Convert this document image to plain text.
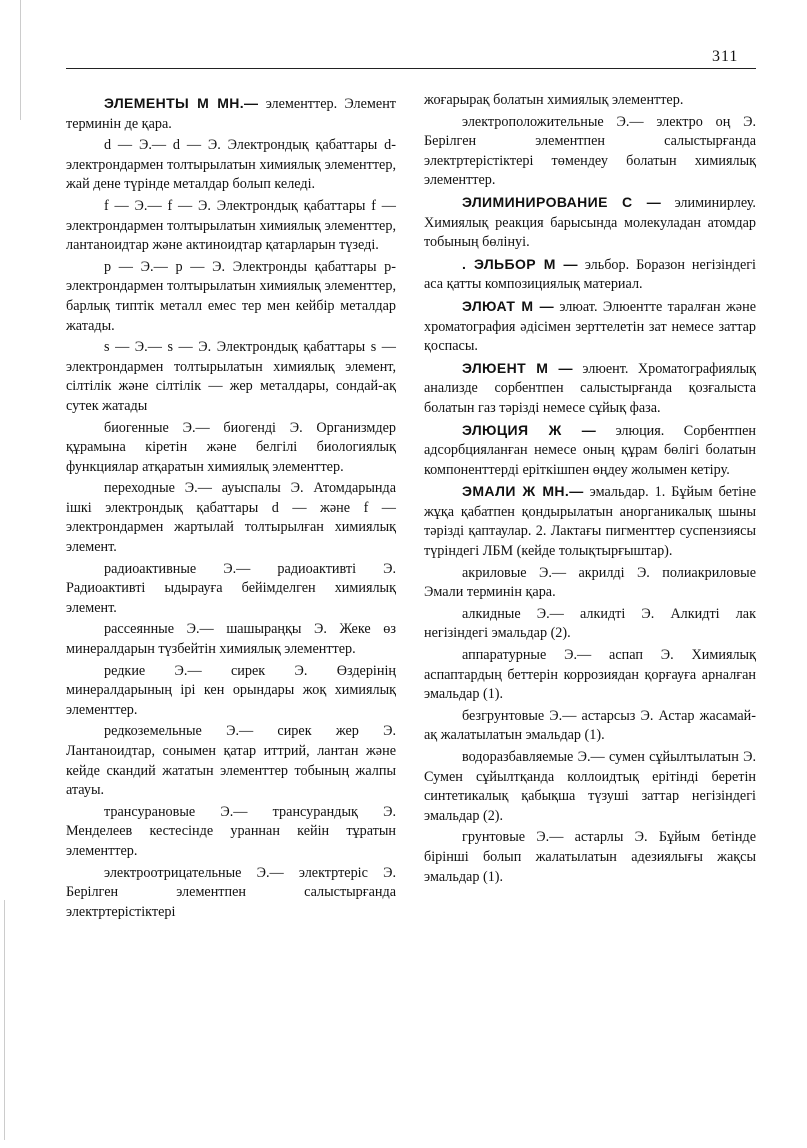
311

ЭЛЕМЕНТЫ М МН.— элементтер. Элемент терминін де қара.

d — Э.— d — Э. Электрондық қабаттары d-электрондармен толтырылатын химиялық элементтер, жай дене түрінде металдар болып келеді.

f — Э.— f — Э. Электрондық қабаттары f — электрондармен толтырылатын химиялық элементтер, лантаноидтар және актиноидтар қатарларын түзеді.

p — Э.— p — Э. Электронды қабаттары р-электрондармен толтырылатын химиялық элементтер, барлық типтік металл емес тер мен кейбір металдар жатады.

s — Э.— s — Э. Электрондық қабаттары s — электрондармен толтырылатын химиялық элемент, сілтілік және сілтілік — жер металдары, сондай-ақ сутек жатады

биогенные Э.— биогенді Э. Организмдер құрамына кіретін және белгілі биологиялық функциялар атқаратын химиялық элементтер.

переходные Э.— ауыспалы Э. Атомдарында ішкі электрондық қабаттары d — және f — электрондармен жартылай толтырылған химиялық элемент.

радиоактивные Э.— радиоактивті Э. Радиоактивті ыдырауға бейімделген химиялық элемент.

рассеянные Э.— шашыраңқы Э. Жеке өз минералдарын түзбейтін химиялық элементтер.

редкие Э.— сирек Э. Өздерінің минералдарының ірі кен орындары жоқ химиялық элементтер.

редкоземельные Э.— сирек жер Э. Лантаноидтар, сонымен қатар иттрий, лантан және кейде скандий жататын элементтер тобының жалпы атауы.

трансурановые Э.— трансурандық Э. Менделеев кестесінде ураннан кейін тұратын элементтер.

электроотрицательные Э.— электртеріс Э. Берілген элементпен салыстырғанда электртерістіктері

жоғарырақ болатын химиялық элементтер.

электроположительные Э.— электро оң Э. Берілген элементпен салыстырғанда электртерістіктері төмендеу болатын химиялық элементтер.

ЭЛИМИНИРОВАНИЕ С — элиминирлеу. Химиялық реакция барысында молекуладан атомдар тобының бөлінуі.

. ЭЛЬБОР М — эльбор. Боразон негізіндегі аса қатты композициялық материал.

ЭЛЮАТ М — элюат. Элюентте таралған және хроматография әдісімен зерттелетін зат немесе заттар қоспасы.

ЭЛЮЕНТ М — элюент. Хроматографиялық анализде сорбентпен салыстырғанда қозғалыста болатын газ тәрізді немесе сұйық фаза.

ЭЛЮЦИЯ Ж — элюция. Сорбентпен адсорбцияланған немесе оның құрам бөлігі болатын компоненттерді еріткішпен өңдеу жолымен кетіру.

ЭМАЛИ Ж МН.— эмальдар. 1. Бұйым бетіне жұқа қабатпен қондырылатын анорганикалық шыны тәрізді қаптаулар. 2. Лактағы пигменттер суспензиясы түріндегі ЛБМ (кейде толықтырғыштар).

акриловые Э.— акрилді Э. полиакриловые Эмали терминін қара.

алкидные Э.— алкидті Э. Алкидті лак негізіндегі эмальдар (2).

аппаратурные Э.— аспап Э. Химиялық аспаптардың беттерін коррозиядан қорғауға арналған эмальдар (1).

безгрунтовые Э.— астарсыз Э. Астар жасамай-ақ жалатылатын эмальдар (1).

водоразбавляемые Э.— сумен сұйылтылатын Э. Сумен сұйылтқанда коллоидтық ерітінді беретін синтетикалық қабықша түзуші заттар негізіндегі эмальдар (2).

грунтовые Э.— астарлы Э. Бұйым бетінде бірінші болып жалатылатын адезиялығы жақсы эмальдар (1).
